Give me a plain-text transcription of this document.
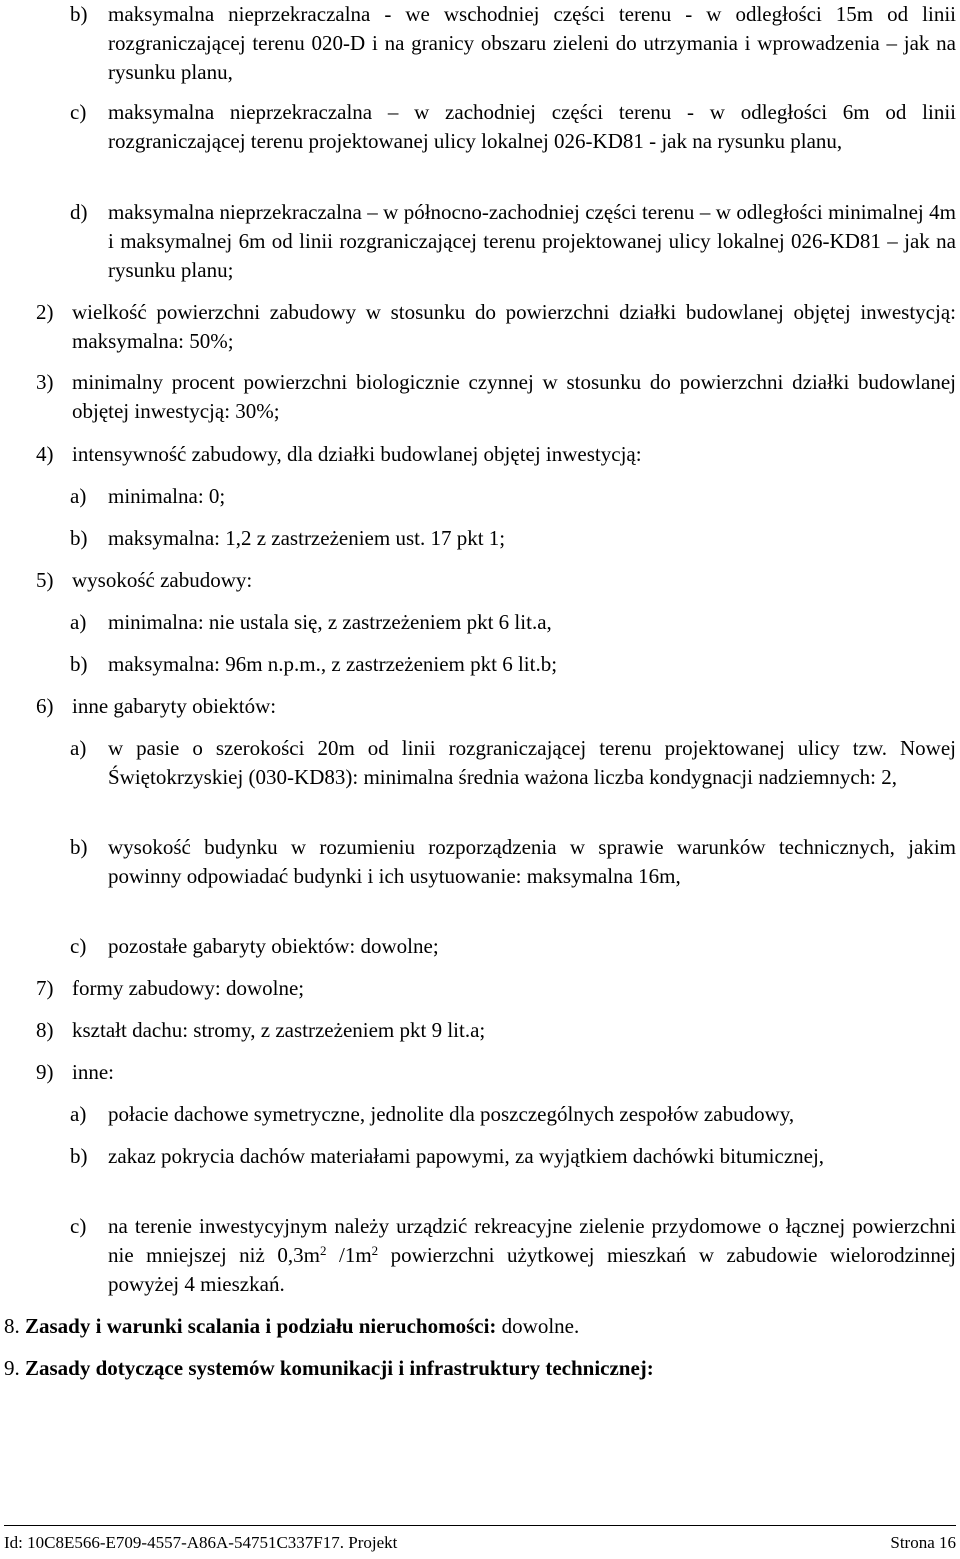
b) maksymalna nieprzekraczalna - we wschodniej części terenu - w odległości 15m od linii rozgraniczającej terenu 020-D i na granicy obszaru zieleni do utrzymania i wprowadzenia – jak na rysunku planu,
c) maksymalna nieprzekraczalna – w zachodniej części terenu - w odległości 6m od linii rozgraniczającej terenu projektowanej ulicy lokalnej 026-KD81 - jak na rysunku planu,
d) maksymalna nieprzekraczalna – w północno-zachodniej części terenu – w odległości minimalnej 4m i maksymalnej 6m od linii rozgraniczającej terenu projektowanej ulicy lokalnej 026-KD81 – jak na rysunku planu;
2) wielkość powierzchni zabudowy w stosunku do powierzchni działki budowlanej objętej inwestycją: maksymalna: 50%;
3) minimalny procent powierzchni biologicznie czynnej w stosunku do powierzchni działki budowlanej objętej inwestycją: 30%;
4) intensywność zabudowy, dla działki budowlanej objętej inwestycją:
a) minimalna: 0;
b) maksymalna: 1,2 z zastrzeżeniem ust. 17 pkt 1;
5) wysokość zabudowy:
a) minimalna: nie ustala się, z zastrzeżeniem pkt 6 lit.a,
b) maksymalna: 96m n.p.m., z zastrzeżeniem pkt 6 lit.b;
6) inne gabaryty obiektów:
a) w pasie o szerokości 20m od linii rozgraniczającej terenu projektowanej ulicy tzw. Nowej Świętokrzyskiej (030-KD83): minimalna średnia ważona liczba kondygnacji nadziemnych: 2,
b) wysokość budynku w rozumieniu rozporządzenia w sprawie warunków technicznych, jakim powinny odpowiadać budynki i ich usytuowanie: maksymalna 16m,
c) pozostałe gabaryty obiektów: dowolne;
7) formy zabudowy: dowolne;
8) kształt dachu: stromy, z zastrzeżeniem pkt 9 lit.a;
9) inne:
a) połacie dachowe symetryczne, jednolite dla poszczególnych zespołów zabudowy,
b) zakaz pokrycia dachów materiałami papowymi, za wyjątkiem dachówki bitumicznej,
c) na terenie inwestycyjnym należy urządzić rekreacyjne zielenie przydomowe o łącznej powierzchni nie mniejszej niż $0,3m^2$ $/1m^2$ powierzchni użytkowej mieszkań w zabudowie wielorodzinnej powyżej 4 mieszkań.
8. Zasady i warunki scalania i podziału nieruchomości: dowolne.
9. Zasady dotyczące systemów komunikacji i infrastruktury technicznej:
Id: 10C8E566-E709-4557-A86A-54751C337F17. Projekt	Strona 16
